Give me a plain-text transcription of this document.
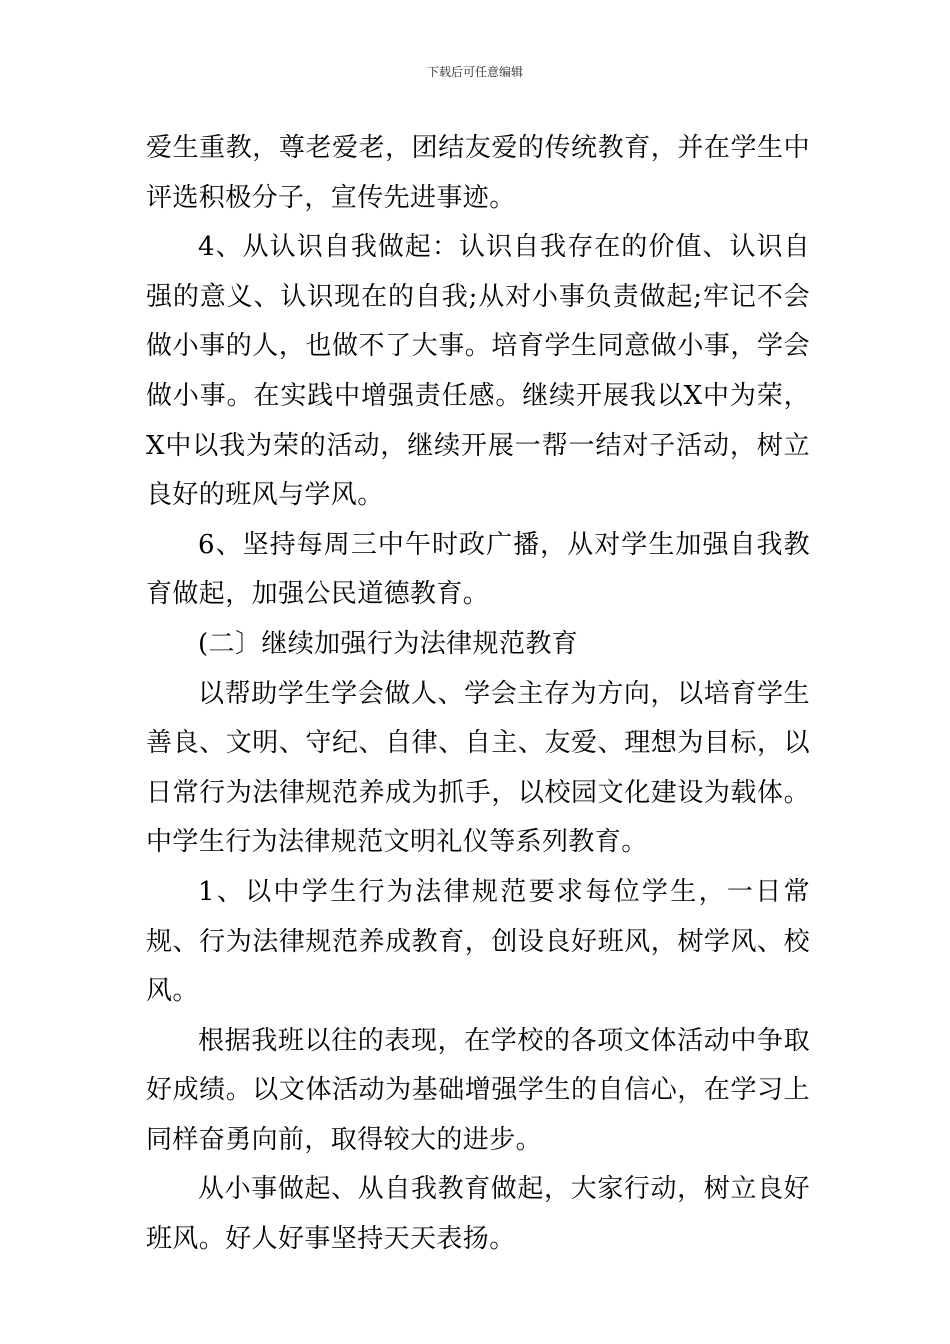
下载后可任意编辑

爱生重教，尊老爱老，团结友爱的传统教育，并在学生中评选积极分子，宣传先进事迹。

4、从认识自我做起：认识自我存在的价值、认识自强的意义、认识现在的自我;从对小事负责做起;牢记不会做小事的人，也做不了大事。培育学生同意做小事，学会做小事。在实践中增强责任感。继续开展我以X中为荣，X中以我为荣的活动，继续开展一帮一结对子活动，树立良好的班风与学风。

6、坚持每周三中午时政广播，从对学生加强自我教育做起，加强公民道德教育。

(二〕继续加强行为法律规范教育

以帮助学生学会做人、学会主存为方向，以培育学生善良、文明、守纪、自律、自主、友爱、理想为目标，以日常行为法律规范养成为抓手，以校园文化建设为载体。中学生行为法律规范文明礼仪等系列教育。

1、以中学生行为法律规范要求每位学生，一日常规、行为法律规范养成教育，创设良好班风，树学风、校风。

根据我班以往的表现，在学校的各项文体活动中争取好成绩。以文体活动为基础增强学生的自信心，在学习上同样奋勇向前，取得较大的进步。

从小事做起、从自我教育做起，大家行动，树立良好班风。好人好事坚持天天表扬。
